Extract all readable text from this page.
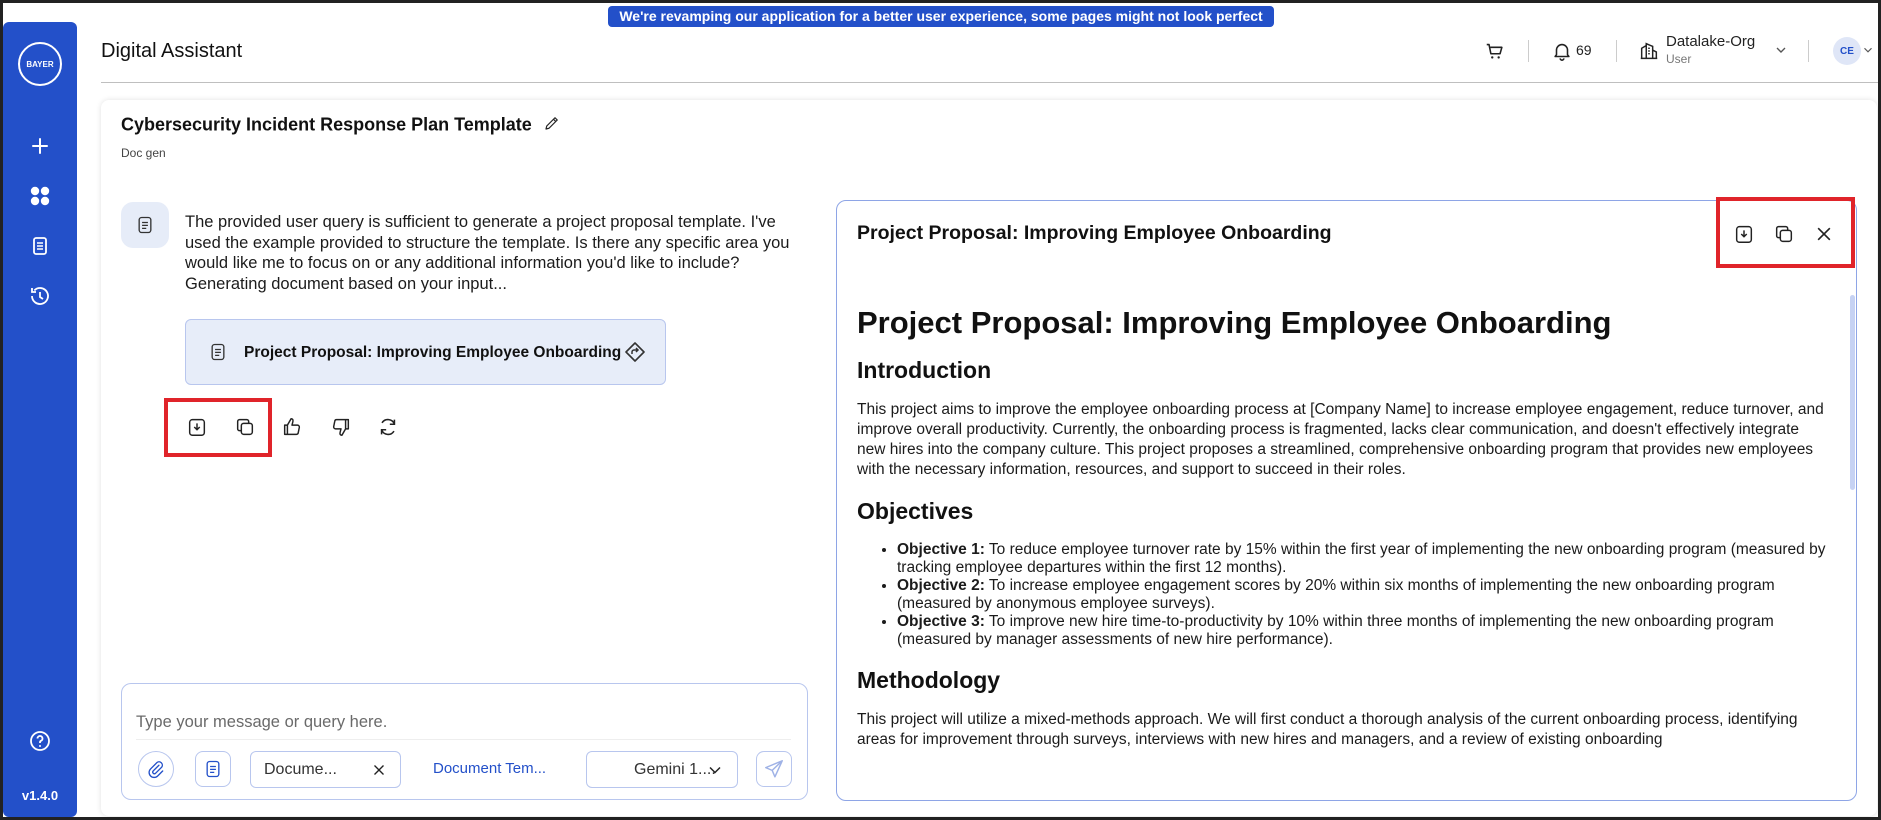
We're revamping our application for a better user experience, some pages might not look perfect yet!
BAYER
v1.4.0
Digital Assistant	69	Datalake-Org
User
CE
Cybersecurity Incident Response Plan Template
Doc gen
The provided user query is sufficient to generate a project proposal template. I've used the example provided to structure the template. Is there any specific area you would like me to focus on or any additional information you'd like to include? Generating document based on your input...
Project Proposal: Improving Employee Onboarding
Type your message or query here.
Docume...	Document Tem...	Gemini 1....
Project Proposal: Improving Employee Onboarding
Project Proposal: Improving Employee Onboarding
Introduction
This project aims to improve the employee onboarding process at [Company Name] to increase employee engagement, reduce turnover, and improve overall productivity. Currently, the onboarding process is fragmented, lacks clear communication, and doesn't effectively integrate new hires into the company culture. This project proposes a streamlined, comprehensive onboarding program that provides new employees with the necessary information, resources, and support to succeed in their roles.
Objectives
• Objective 1: To reduce employee turnover rate by 15% within the first year of implementing the new onboarding program (measured by tracking employee departures within the first 12 months).
• Objective 2: To increase employee engagement scores by 20% within six months of implementing the new onboarding program (measured by anonymous employee surveys).
• Objective 3: To improve new hire time-to-productivity by 10% within three months of implementing the new onboarding program (measured by manager assessments of new hire performance).
Methodology
This project will utilize a mixed-methods approach. We will first conduct a thorough analysis of the current onboarding process, identifying areas for improvement through surveys, interviews with new hires and managers, and a review of existing onboarding
